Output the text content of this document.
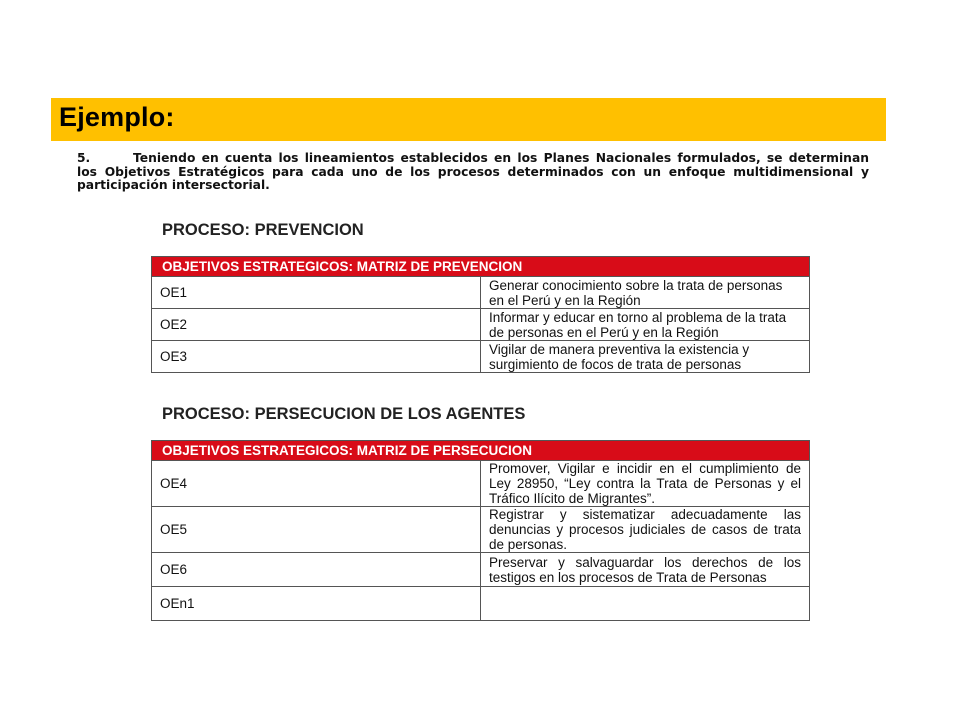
Ejemplo:
5.	Teniendo en cuenta los lineamientos establecidos en los Planes Nacionales formulados, se determinan los Objetivos Estratégicos para cada uno de los procesos determinados con un enfoque multidimensional y participación intersectorial.
PROCESO: PREVENCION
OBJETIVOS ESTRATEGICOS: MATRIZ DE PREVENCION	
OE1	Generar conocimiento sobre la trata de personas en el Perú y en la Región
OE2	Informar y educar en torno al problema de la trata de personas en el Perú y en la Región
OE3	Vigilar de manera preventiva la existencia y surgimiento de focos de trata de personas
PROCESO: PERSECUCION DE LOS AGENTES
OBJETIVOS ESTRATEGICOS: MATRIZ DE PERSECUCION	
OE4	Promover, Vigilar e incidir en el cumplimiento de Ley 28950, “Ley contra la Trata de Personas y el Tráfico Ilícito de Migrantes”.
OE5	Registrar y sistematizar adecuadamente las denuncias y procesos judiciales de casos de trata de personas.
OE6	Preservar y salvaguardar los derechos de los testigos en los procesos de Trata de Personas
OEn1	
